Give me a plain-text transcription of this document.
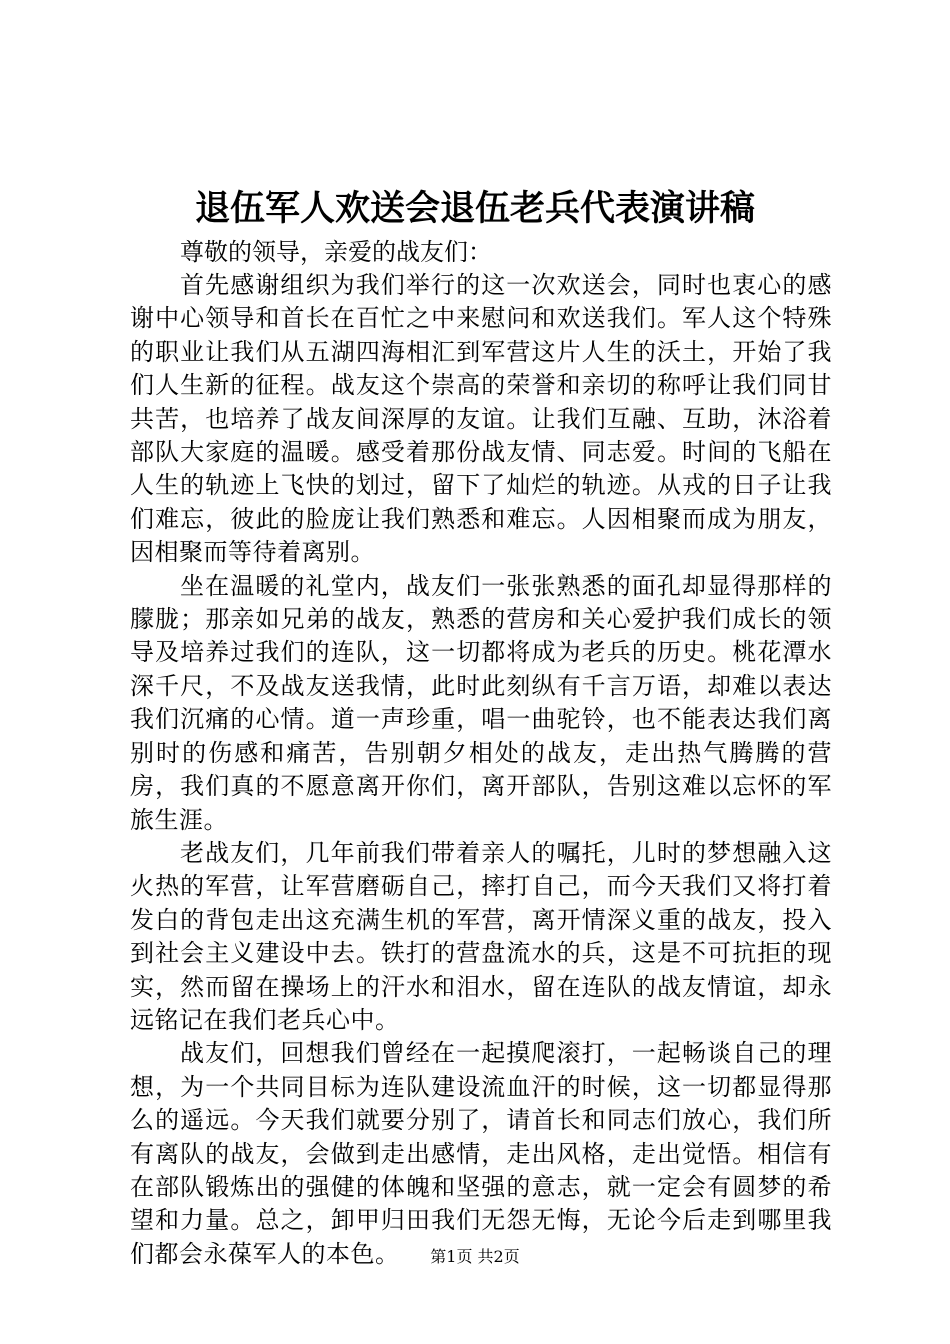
退伍军人欢送会退伍老兵代表演讲稿
尊敬的领导，亲爱的战友们：

首先感谢组织为我们举行的这一次欢送会，同时也衷心的感谢中心领导和首长在百忙之中来慰问和欢送我们。军人这个特殊的职业让我们从五湖四海相汇到军营这片人生的沃土，开始了我们人生新的征程。战友这个崇高的荣誉和亲切的称呼让我们同甘共苦，也培养了战友间深厚的友谊。让我们互融、互助，沐浴着部队大家庭的温暖。感受着那份战友情、同志爱。时间的飞船在人生的轨迹上飞快的划过，留下了灿烂的轨迹。从戎的日子让我们难忘，彼此的脸庞让我们熟悉和难忘。人因相聚而成为朋友，因相聚而等待着离别。

坐在温暖的礼堂内，战友们一张张熟悉的面孔却显得那样的朦胧；那亲如兄弟的战友，熟悉的营房和关心爱护我们成长的领导及培养过我们的连队，这一切都将成为老兵的历史。桃花潭水深千尺，不及战友送我情，此时此刻纵有千言万语，却难以表达我们沉痛的心情。道一声珍重，唱一曲驼铃，也不能表达我们离别时的伤感和痛苦，告别朝夕相处的战友，走出热气腾腾的营房，我们真的不愿意离开你们，离开部队，告别这难以忘怀的军旅生涯。

老战友们，几年前我们带着亲人的嘱托，儿时的梦想融入这火热的军营，让军营磨砺自己，摔打自己，而今天我们又将打着发白的背包走出这充满生机的军营，离开情深义重的战友，投入到社会主义建设中去。铁打的营盘流水的兵，这是不可抗拒的现实，然而留在操场上的汗水和泪水，留在连队的战友情谊，却永远铭记在我们老兵心中。

战友们，回想我们曾经在一起摸爬滚打，一起畅谈自己的理想，为一个共同目标为连队建设流血汗的时候，这一切都显得那么的遥远。今天我们就要分别了，请首长和同志们放心，我们所有离队的战友，会做到走出感情，走出风格，走出觉悟。相信有在部队锻炼出的强健的体魄和坚强的意志，就一定会有圆梦的希望和力量。总之，卸甲归田我们无怨无悔，无论今后走到哪里我们都会永葆军人的本色。	第1页 共2页
